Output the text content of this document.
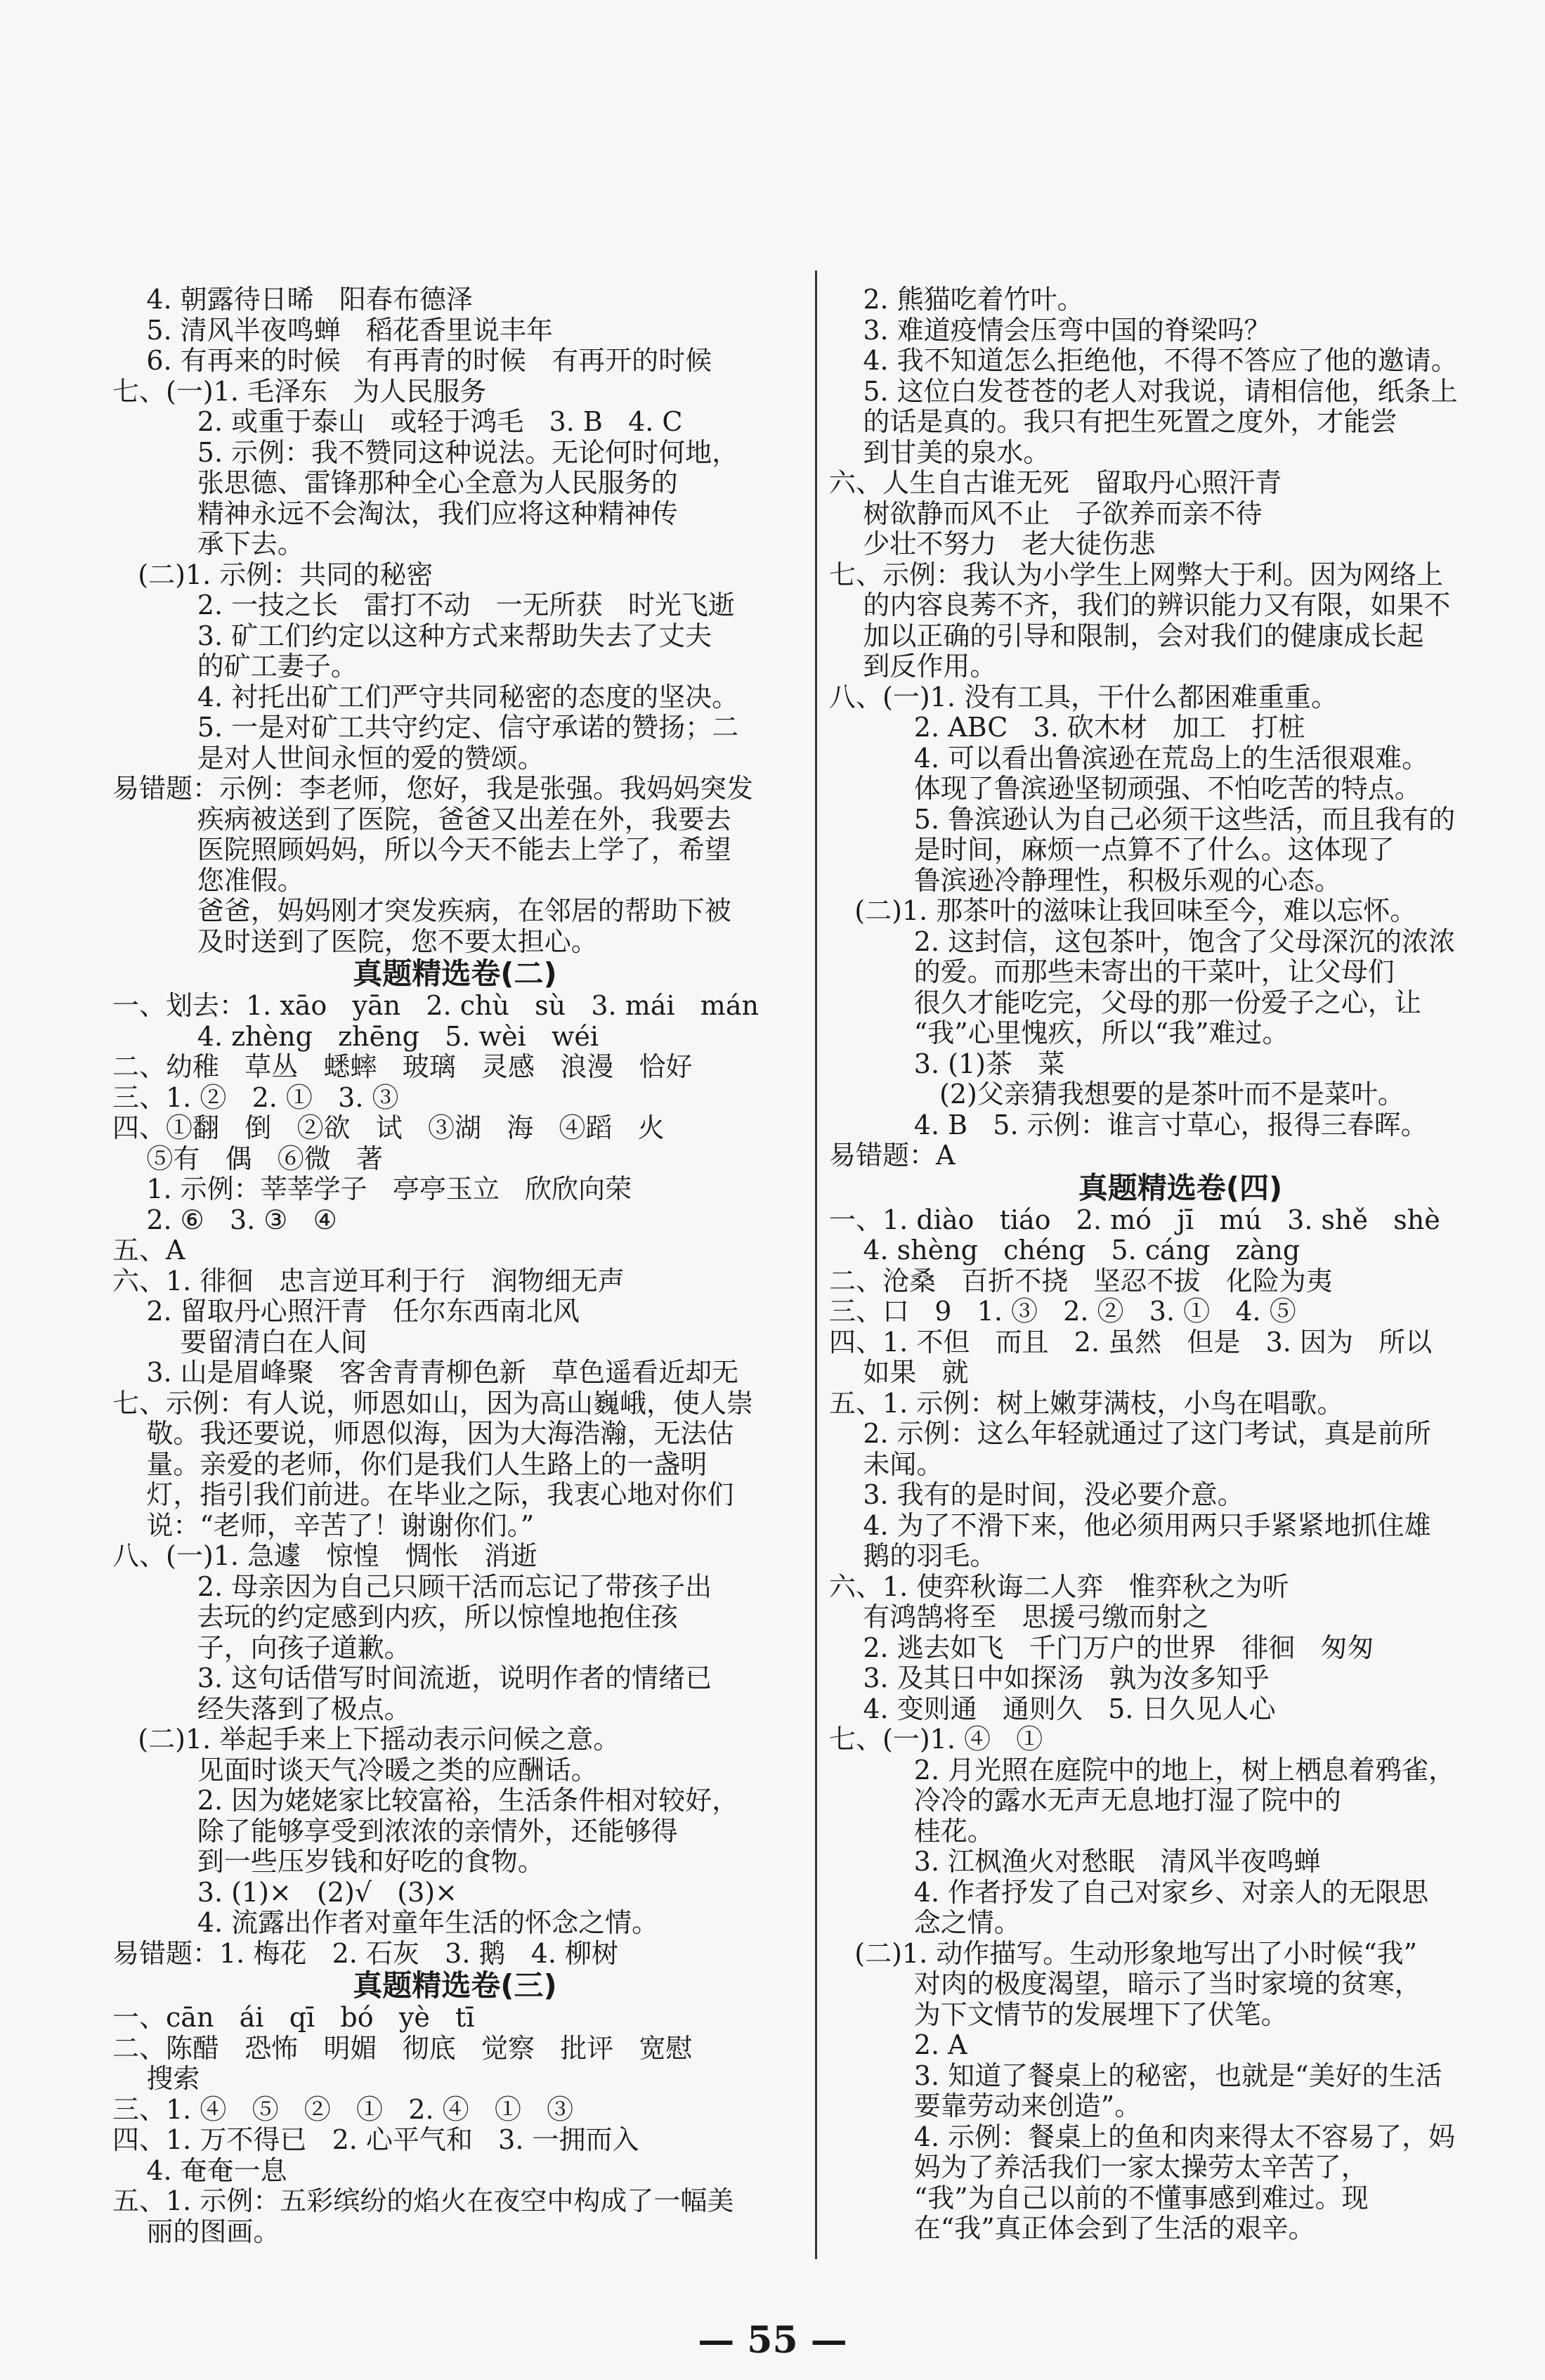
4. 朝露待日晞   阳春布德泽
5. 清风半夜鸣蝉   稻花香里说丰年
6. 有再来的时候   有再青的时候   有再开的时候
七、(一)1. 毛泽东   为人民服务
2. 或重于泰山   或轻于鸿毛   3. B   4. C
5. 示例：我不赞同这种说法。无论何时何地，
张思德、雷锋那种全心全意为人民服务的
精神永远不会淘汰，我们应将这种精神传
承下去。
(二)1. 示例：共同的秘密
2. 一技之长   雷打不动   一无所获   时光飞逝
3. 矿工们约定以这种方式来帮助失去了丈夫
的矿工妻子。
4. 衬托出矿工们严守共同秘密的态度的坚决。
5. 一是对矿工共守约定、信守承诺的赞扬；二
是对人世间永恒的爱的赞颂。
易错题：示例：李老师，您好，我是张强。我妈妈突发
疾病被送到了医院，爸爸又出差在外，我要去
医院照顾妈妈，所以今天不能去上学了，希望
您准假。
爸爸，妈妈刚才突发疾病，在邻居的帮助下被
及时送到了医院，您不要太担心。
真题精选卷(二)
一、划去：1. xāo   yān   2. chù   sù   3. mái   mán
4. zhèng   zhēng   5. wèi   wéi
二、幼稚   草丛   蟋蟀   玻璃   灵感   浪漫   恰好
三、1. ②   2. ①   3. ③
四、①翻   倒   ②欲   试   ③湖   海   ④蹈   火
⑤有   偶   ⑥微   著
1. 示例：莘莘学子   亭亭玉立   欣欣向荣
2. ⑥   3. ③   ④
五、A
六、1. 徘徊   忠言逆耳利于行   润物细无声
2. 留取丹心照汗青   任尔东西南北风
要留清白在人间
3. 山是眉峰聚   客舍青青柳色新   草色遥看近却无
七、示例：有人说，师恩如山，因为高山巍峨，使人崇
敬。我还要说，师恩似海，因为大海浩瀚，无法估
量。亲爱的老师，你们是我们人生路上的一盏明
灯，指引我们前进。在毕业之际，我衷心地对你们
说：“老师，辛苦了！谢谢你们。”
八、(一)1. 急遽   惊惶   惆怅   消逝
2. 母亲因为自己只顾干活而忘记了带孩子出
去玩的约定感到内疚，所以惊惶地抱住孩
子，向孩子道歉。
3. 这句话借写时间流逝，说明作者的情绪已
经失落到了极点。
(二)1. 举起手来上下摇动表示问候之意。
见面时谈天气冷暖之类的应酬话。
2. 因为姥姥家比较富裕，生活条件相对较好，
除了能够享受到浓浓的亲情外，还能够得
到一些压岁钱和好吃的食物。
3. (1)×   (2)√   (3)×
4. 流露出作者对童年生活的怀念之情。
易错题：1. 梅花   2. 石灰   3. 鹅   4. 柳树
真题精选卷(三)
一、cān   ái   qī   bó   yè   tī
二、陈醋   恐怖   明媚   彻底   觉察   批评   宽慰
搜索
三、1. ④   ⑤   ②   ①   2. ④   ①   ③
四、1. 万不得已   2. 心平气和   3. 一拥而入
4. 奄奄一息
五、1. 示例：五彩缤纷的焰火在夜空中构成了一幅美
丽的图画。
2. 熊猫吃着竹叶。
3. 难道疫情会压弯中国的脊梁吗？
4. 我不知道怎么拒绝他，不得不答应了他的邀请。
5. 这位白发苍苍的老人对我说，请相信他，纸条上
的话是真的。我只有把生死置之度外，才能尝
到甘美的泉水。
六、人生自古谁无死   留取丹心照汗青
树欲静而风不止   子欲养而亲不待
少壮不努力   老大徒伤悲
七、示例：我认为小学生上网弊大于利。因为网络上
的内容良莠不齐，我们的辨识能力又有限，如果不
加以正确的引导和限制，会对我们的健康成长起
到反作用。
八、(一)1. 没有工具，干什么都困难重重。
2. ABC   3. 砍木材   加工   打桩
4. 可以看出鲁滨逊在荒岛上的生活很艰难。
体现了鲁滨逊坚韧顽强、不怕吃苦的特点。
5. 鲁滨逊认为自己必须干这些活，而且我有的
是时间，麻烦一点算不了什么。这体现了
鲁滨逊冷静理性，积极乐观的心态。
(二)1. 那茶叶的滋味让我回味至今，难以忘怀。
2. 这封信，这包茶叶，饱含了父母深沉的浓浓
的爱。而那些未寄出的干菜叶，让父母们
很久才能吃完，父母的那一份爱子之心，让
“我”心里愧疚，所以“我”难过。
3. (1)茶   菜
(2)父亲猜我想要的是茶叶而不是菜叶。
4. B   5. 示例：谁言寸草心，报得三春晖。
易错题：A
真题精选卷(四)
一、1. diào   tiáo   2. mó   jī   mú   3. shě   shè
4. shèng   chéng   5. cáng   zàng
二、沧桑   百折不挠   坚忍不拔   化险为夷
三、口   9   1. ③   2. ②   3. ①   4. ⑤
四、1. 不但   而且   2. 虽然   但是   3. 因为   所以
如果   就
五、1. 示例：树上嫩芽满枝，小鸟在唱歌。
2. 示例：这么年轻就通过了这门考试，真是前所
未闻。
3. 我有的是时间，没必要介意。
4. 为了不滑下来，他必须用两只手紧紧地抓住雄
鹅的羽毛。
六、1. 使弈秋诲二人弈   惟弈秋之为听
有鸿鹄将至   思援弓缴而射之
2. 逃去如飞   千门万户的世界   徘徊   匆匆
3. 及其日中如探汤   孰为汝多知乎
4. 变则通   通则久   5. 日久见人心
七、(一)1. ④   ①
2. 月光照在庭院中的地上，树上栖息着鸦雀，
冷冷的露水无声无息地打湿了院中的
桂花。
3. 江枫渔火对愁眠   清风半夜鸣蝉
4. 作者抒发了自己对家乡、对亲人的无限思
念之情。
(二)1. 动作描写。生动形象地写出了小时候“我”
对肉的极度渴望，暗示了当时家境的贫寒，
为下文情节的发展埋下了伏笔。
2. A
3. 知道了餐桌上的秘密，也就是“美好的生活
要靠劳动来创造”。
4. 示例：餐桌上的鱼和肉来得太不容易了，妈
妈为了养活我们一家太操劳太辛苦了，
“我”为自己以前的不懂事感到难过。现
在“我”真正体会到了生活的艰辛。
— 55 —
